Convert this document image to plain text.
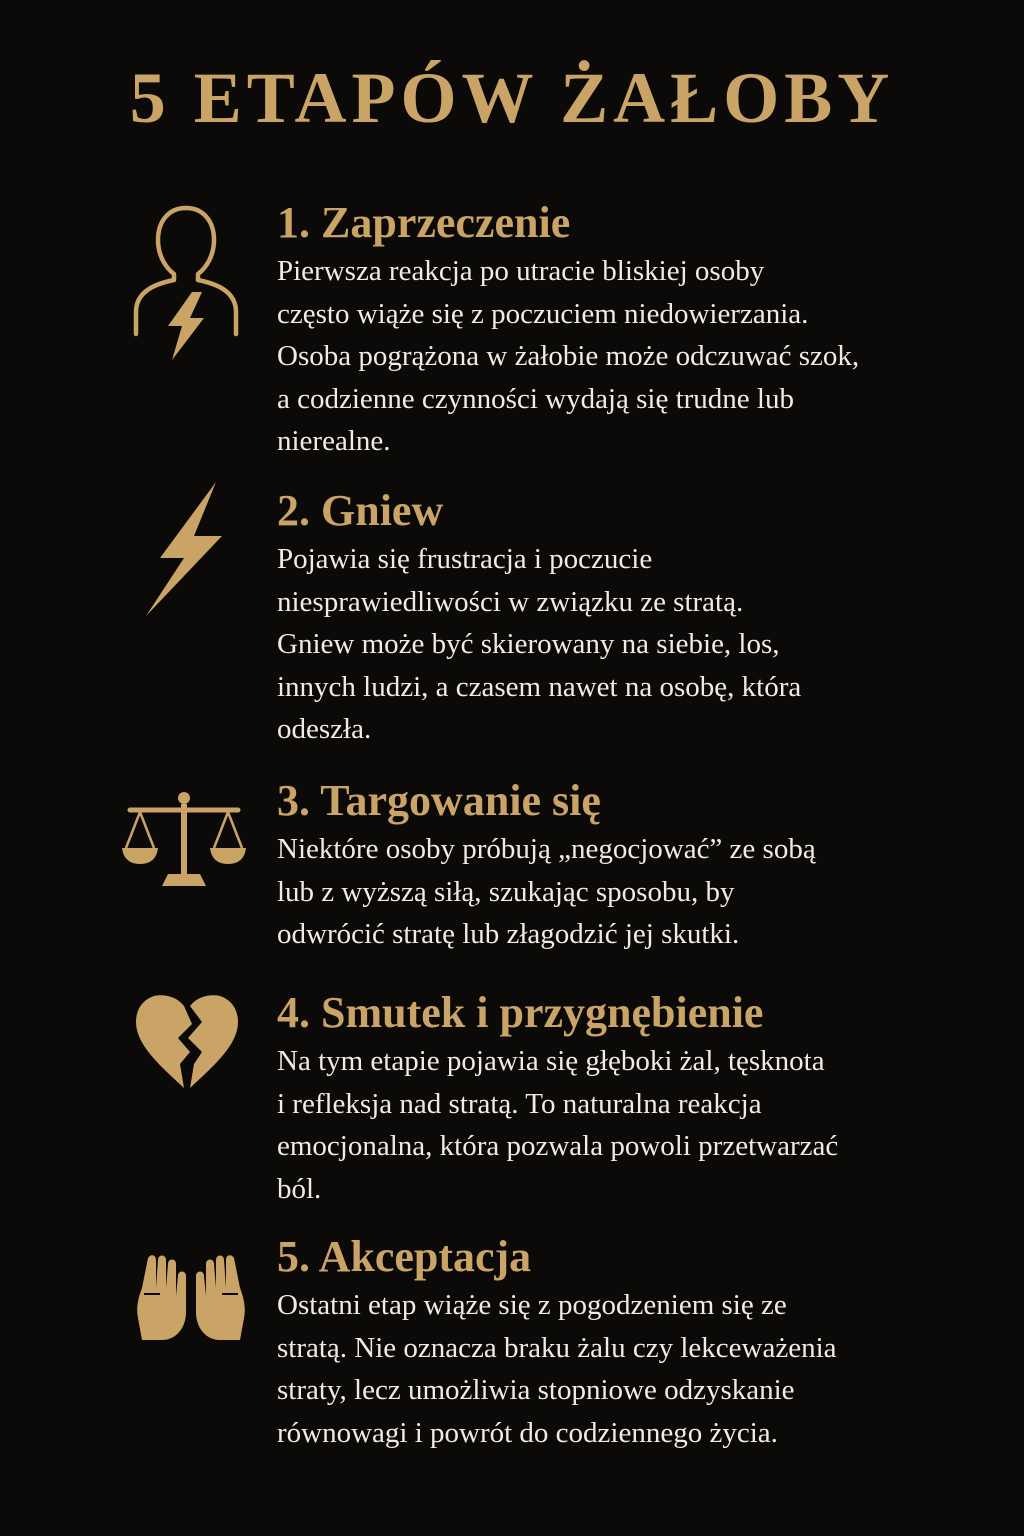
5 ETAPÓW ŻAŁOBY
1. Zaprzeczenie

Pierwsza reakcja po utracie bliskiej osoby
często wiąże się z poczuciem niedowierzania.
Osoba pogrążona w żałobie może odczuwać szok,
a codzienne czynności wydają się trudne lub
nierealne.

2. Gniew

Pojawia się frustracja i poczucie
niesprawiedliwości w związku ze stratą.
Gniew może być skierowany na siebie, los,
innych ludzi, a czasem nawet na osobę, która
odeszła.

3. Targowanie się

Niektóre osoby próbują „negocjować” ze sobą
lub z wyższą siłą, szukając sposobu, by
odwrócić stratę lub złagodzić jej skutki.

4. Smutek i przygnębienie

Na tym etapie pojawia się głęboki żal, tęsknota
i refleksja nad stratą. To naturalna reakcja
emocjonalna, która pozwala powoli przetwarzać
ból.

5. Akceptacja

Ostatni etap wiąże się z pogodzeniem się ze
stratą. Nie oznacza braku żalu czy lekceważenia
straty, lecz umożliwia stopniowe odzyskanie
równowagi i powrót do codziennego życia.
